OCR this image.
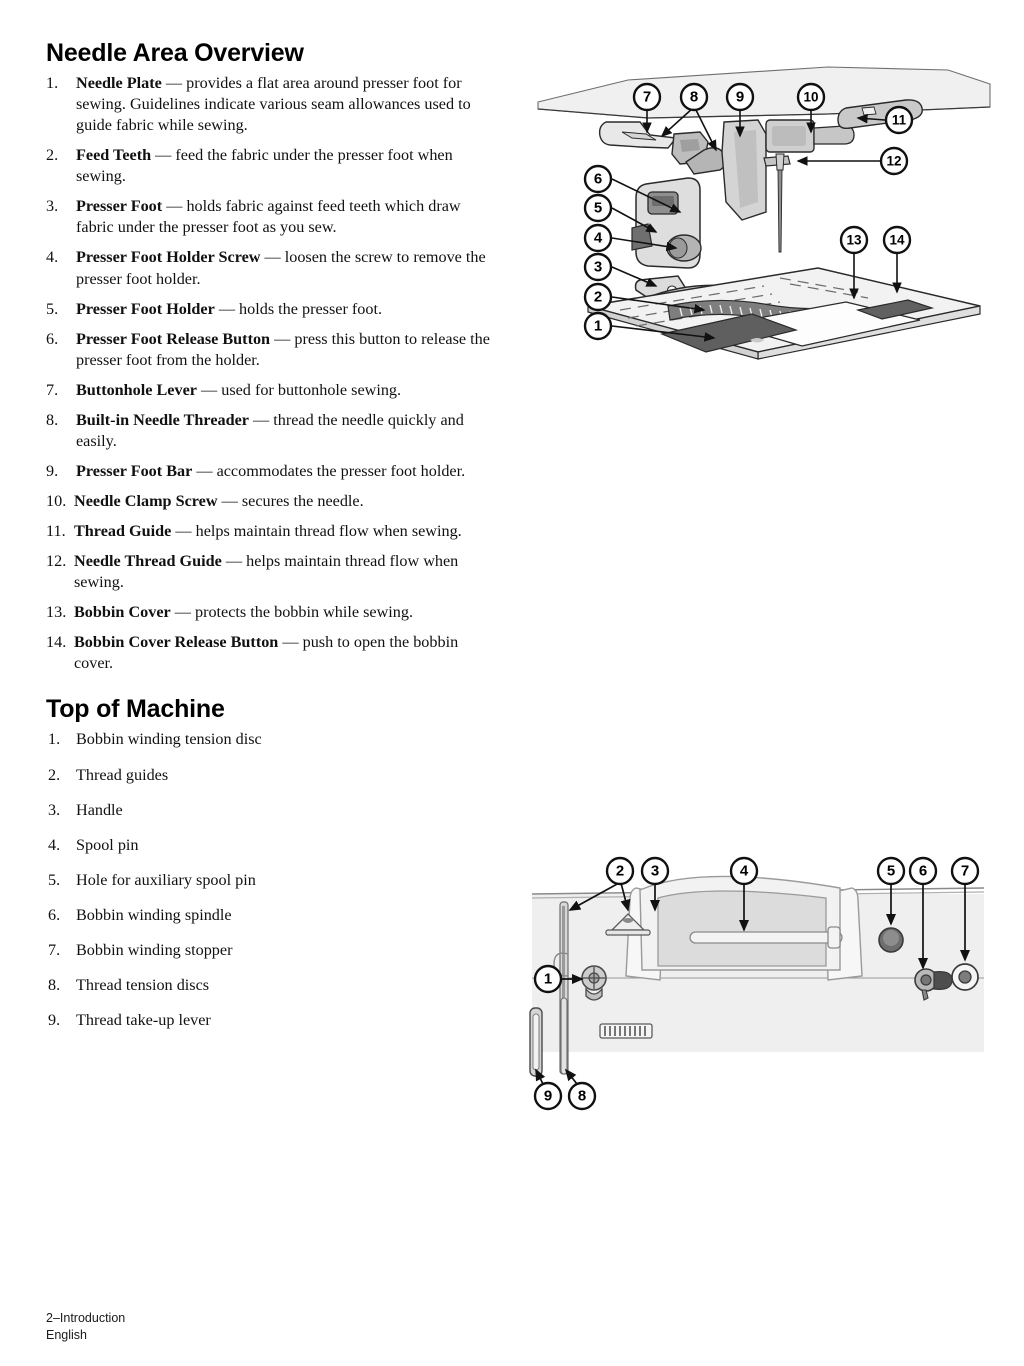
Needle Area Overview
1.	Needle Plate — provides a flat area around presser foot for sewing. Guidelines indicate various seam allowances used to guide fabric while sewing.
2.	Feed Teeth — feed the fabric under the presser foot when sewing.
3.	Presser Foot — holds fabric against feed teeth which draw fabric under the presser foot as you sew.
4.	Presser Foot Holder Screw — loosen the screw to remove the presser foot holder.
5.	Presser Foot Holder — holds the presser foot.
6.	Presser Foot Release Button — press this button to release the presser foot from the holder.
7.	Buttonhole Lever — used for buttonhole sewing.
8.	Built-in Needle Threader — thread the needle quickly and easily.
9.	Presser Foot Bar — accommodates the presser foot holder.
10. Needle Clamp Screw — secures the needle.
11. Thread Guide — helps maintain thread flow when sewing.
12. Needle Thread Guide — helps maintain thread flow when sewing.
13. Bobbin Cover — protects the bobbin while sewing.
14. Bobbin Cover Release Button — push to open the bobbin cover.
Top of Machine
1. Bobbin winding tension disc
2. Thread guides
3. Handle
4. Spool pin
5. Hole for auxiliary spool pin
6. Bobbin winding spindle
7. Bobbin winding stopper
8. Thread tension discs
9. Thread take-up lever
7	8	9	10
11
12
13 14
6
5
4
3
2
1
2 3	4	5 6 7
1
9 8
2–Introduction
English
